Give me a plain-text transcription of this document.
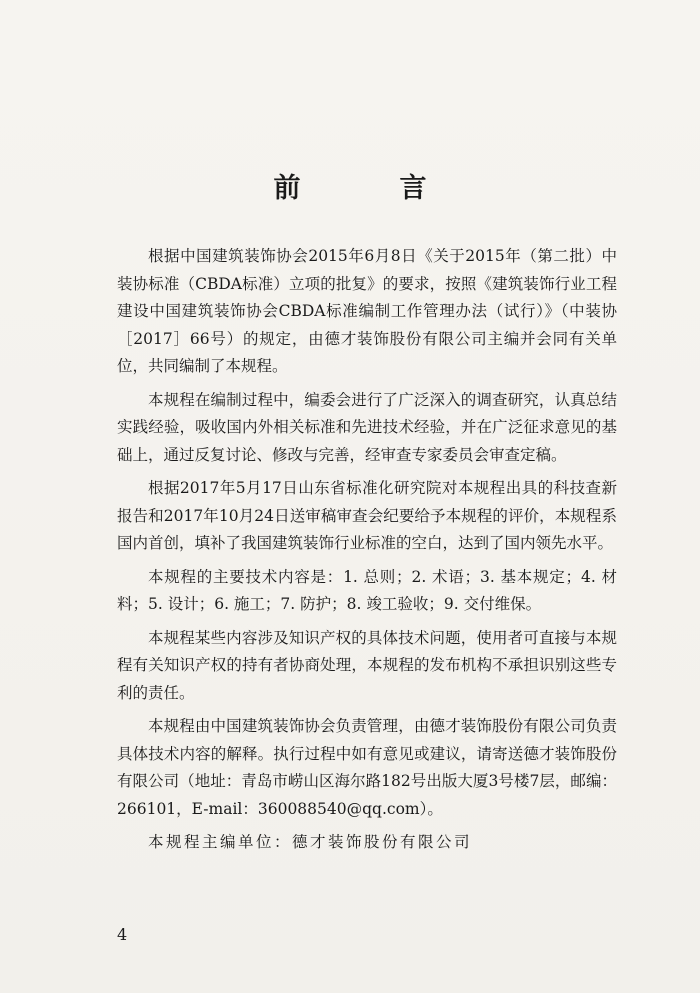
前　言

根据中国建筑装饰协会2015年6月8日《关于2015年（第二批）中装协标准（CBDA标准）立项的批复》的要求，按照《建筑装饰行业工程建设中国建筑装饰协会CBDA标准编制工作管理办法（试行）》（中装协［2017］66号）的规定，由德才装饰股份有限公司主编并会同有关单位，共同编制了本规程。

本规程在编制过程中，编委会进行了广泛深入的调查研究，认真总结实践经验，吸收国内外相关标准和先进技术经验，并在广泛征求意见的基础上，通过反复讨论、修改与完善，经审查专家委员会审查定稿。

根据2017年5月17日山东省标准化研究院对本规程出具的科技查新报告和2017年10月24日送审稿审查会纪要给予本规程的评价，本规程系国内首创，填补了我国建筑装饰行业标准的空白，达到了国内领先水平。

本规程的主要技术内容是：1. 总则；2. 术语；3. 基本规定；4. 材料；5. 设计；6. 施工；7. 防护；8. 竣工验收；9. 交付维保。

本规程某些内容涉及知识产权的具体技术问题，使用者可直接与本规程有关知识产权的持有者协商处理，本规程的发布机构不承担识别这些专利的责任。

本规程由中国建筑装饰协会负责管理，由德才装饰股份有限公司负责具体技术内容的解释。执行过程中如有意见或建议，请寄送德才装饰股份有限公司（地址：青岛市崂山区海尔路182号出版大厦3号楼7层，邮编：266101，E-mail：360088540@qq.com）。

本规程主编单位：德才装饰股份有限公司

4
